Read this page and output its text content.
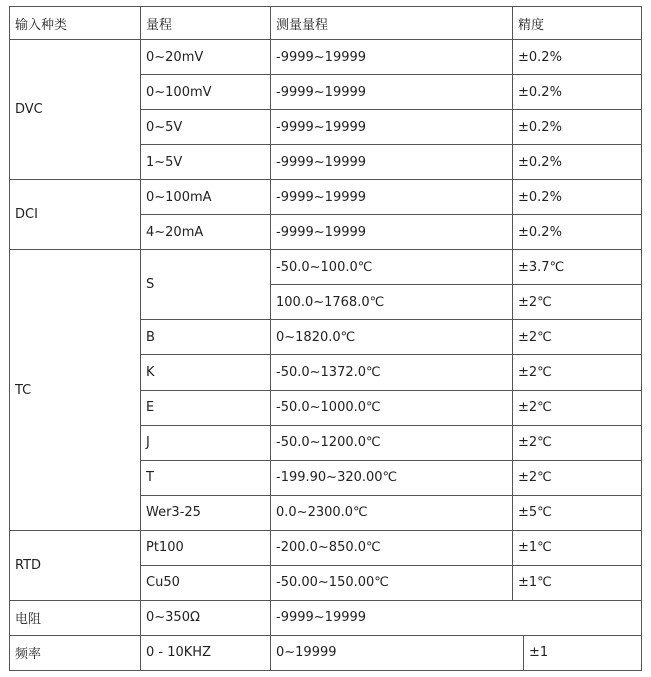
输入种类	量程	测量量程	精度	
DVC	0~20mV	-9999~19999	±0.2%	
	0~100mV	-9999~19999	±0.2%	
	0~5V	-9999~19999	±0.2%	
	1~5V	-9999~19999	±0.2%	
DCI	0~100mA	-9999~19999	±0.2%	
	4~20mA	-9999~19999	±0.2%	
TC	S	-50.0~100.0℃	±3.7℃	
		100.0~1768.0℃	±2℃	
	B	0~1820.0℃	±2℃	
	K	-50.0~1372.0℃	±2℃	
	E	-50.0~1000.0℃	±2℃	
	J	-50.0~1200.0℃	±2℃	
	T	-199.90~320.00℃	±2℃	
	Wer3-25	0.0~2300.0℃	±5℃	
RTD	Pt100	-200.0~850.0℃	±1℃	
	Cu50	-50.00~150.00℃	±1℃	
电阻	0~350Ω	-9999~19999		
频率	0 - 10KHZ	0~19999		±1
